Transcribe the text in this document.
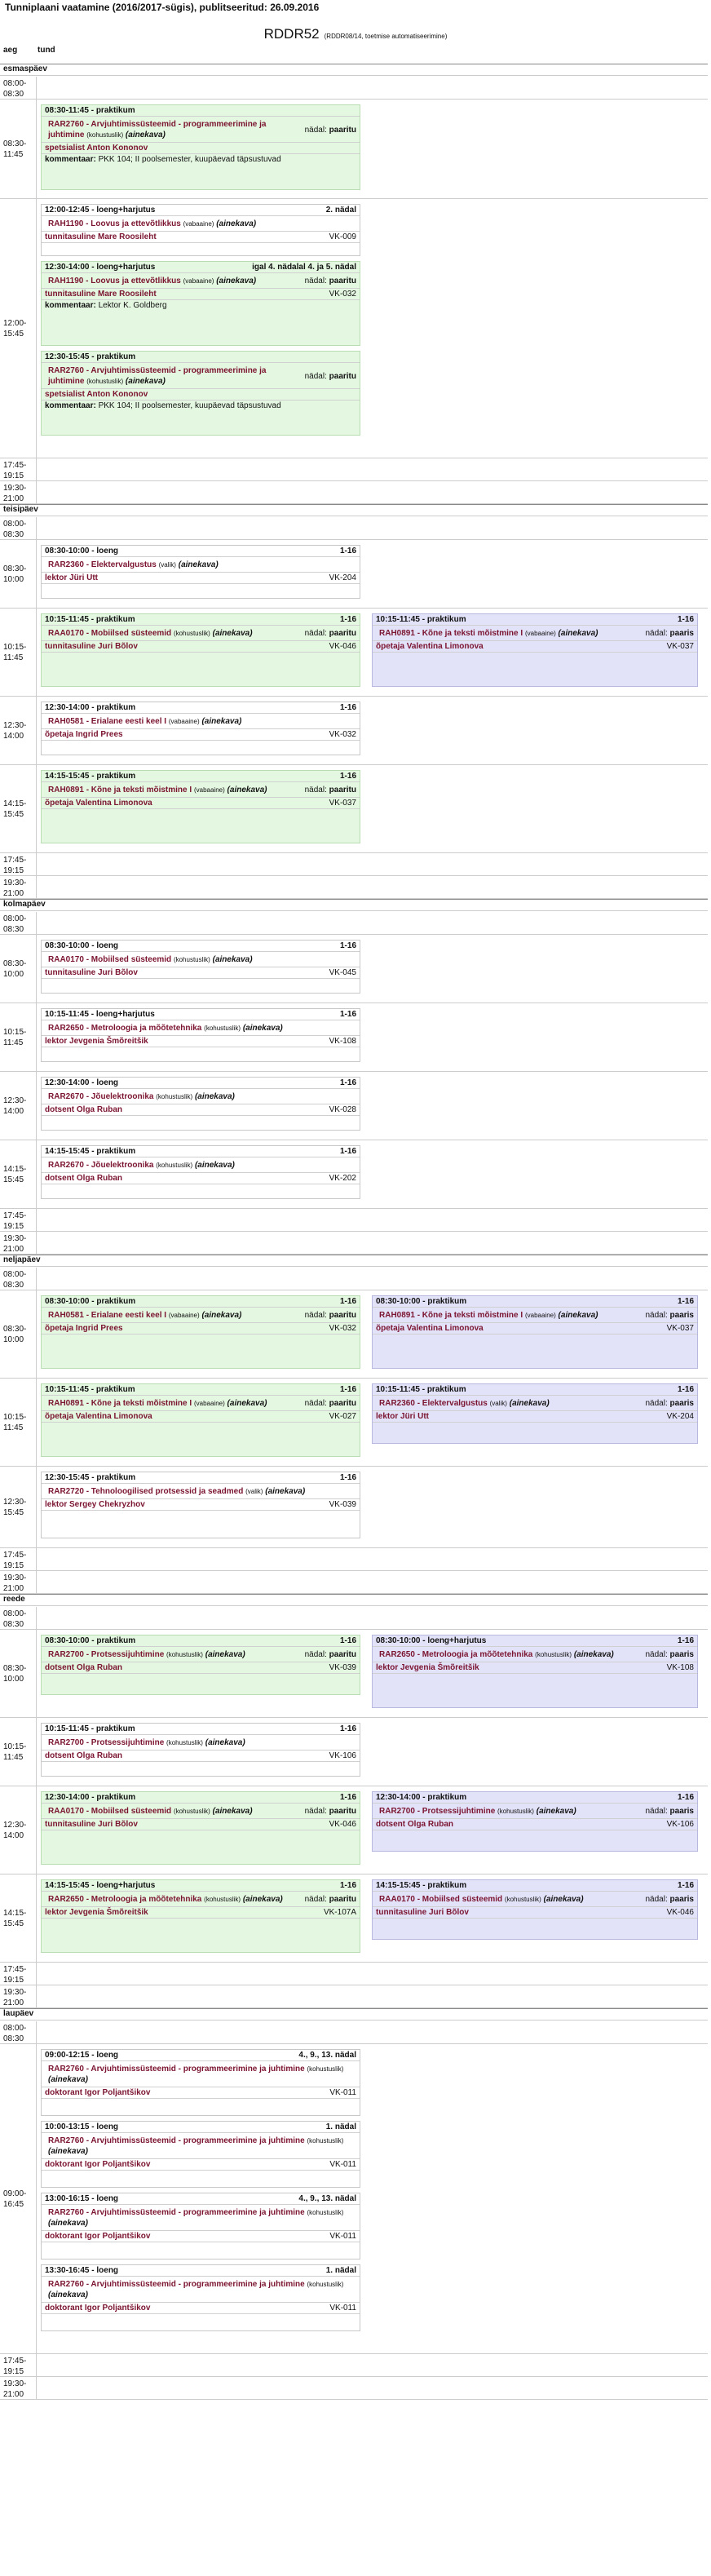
Tunniplaani vaatamine (2016/2017-sügis), publitseeritud: 26.09.2016
RDDR52 (RDDR08/14, toetmise automatiseerimine)
aeg tund
esmaspäev
08:00-
08:30
08:30-
11:45
08:30-11:45 - praktikum
RAR2760 - Arvjuhtimissüsteemid - programmeerimine ja juhtimine (kohustuslik) (ainekava)
nädal: paaritu
spetsialist Anton Kononov
kommentaar: PKK 104; II poolsemester, kuupäevad täpsustuvad
12:00-
15:45
12:00-12:45 - loeng+harjutus	2. nädal
RAH1190 - Loovus ja ettevõtlikkus (vabaaine) (ainekava)
tunnitasuline Mare Roosileht	VK-009
12:30-14:00 - loeng+harjutus	igal 4. nädalal 4. ja 5. nädal
RAH1190 - Loovus ja ettevõtlikkus (vabaaine) (ainekava)	nädal: paaritu
tunnitasuline Mare Roosileht	VK-032
kommentaar: Lektor K. Goldberg
12:30-15:45 - praktikum
RAR2760 - Arvjuhtimissüsteemid - programmeerimine ja juhtimine (kohustuslik) (ainekava)
nädal: paaritu
spetsialist Anton Kononov
kommentaar: PKK 104; II poolsemester, kuupäevad täpsustuvad
17:45-
19:15
19:30-
21:00
teisipäev
08:00-
08:30
08:30-
10:00
08:30-10:00 - loeng	1-16
RAR2360 - Elektervalgustus (valik) (ainekava)
lektor Jüri Utt	VK-204
10:15-
11:45
10:15-11:45 - praktikum	1-16
RAA0170 - Mobiilsed süsteemid (kohustuslik) (ainekava)	nädal: paaritu
tunnitasuline Juri Bõlov	VK-046
10:15-11:45 - praktikum	1-16
RAH0891 - Kõne ja teksti mõistmine I (vabaaine) (ainekava)	nädal: paaris
õpetaja Valentina Limonova	VK-037
12:30-
14:00
12:30-14:00 - praktikum	1-16
RAH0581 - Erialane eesti keel I (vabaaine) (ainekava)
õpetaja Ingrid Prees	VK-032
14:15-
15:45
14:15-15:45 - praktikum	1-16
RAH0891 - Kõne ja teksti mõistmine I (vabaaine) (ainekava)	nädal: paaritu
õpetaja Valentina Limonova	VK-037
17:45-
19:15
19:30-
21:00
kolmapäev
08:00-
08:30
08:30-
10:00
08:30-10:00 - loeng	1-16
RAA0170 - Mobiilsed süsteemid (kohustuslik) (ainekava)
tunnitasuline Juri Bõlov	VK-045
10:15-
11:45
10:15-11:45 - loeng+harjutus	1-16
RAR2650 - Metroloogia ja mõõtetehnika (kohustuslik) (ainekava)
lektor Jevgenia Šmõreitšik	VK-108
12:30-
14:00
12:30-14:00 - loeng	1-16
RAR2670 - Jõuelektroonika (kohustuslik) (ainekava)
dotsent Olga Ruban	VK-028
14:15-
15:45
14:15-15:45 - praktikum	1-16
RAR2670 - Jõuelektroonika (kohustuslik) (ainekava)
dotsent Olga Ruban	VK-202
17:45-
19:15
19:30-
21:00
neljapäev
08:00-
08:30
08:30-
10:00
08:30-10:00 - praktikum	1-16
RAH0581 - Erialane eesti keel I (vabaaine) (ainekava)	nädal: paaritu
õpetaja Ingrid Prees	VK-032
08:30-10:00 - praktikum	1-16
RAH0891 - Kõne ja teksti mõistmine I (vabaaine) (ainekava)	nädal: paaris
õpetaja Valentina Limonova	VK-037
10:15-
11:45
10:15-11:45 - praktikum	1-16
RAH0891 - Kõne ja teksti mõistmine I (vabaaine) (ainekava)	nädal: paaritu
õpetaja Valentina Limonova	VK-027
10:15-11:45 - praktikum	1-16
RAR2360 - Elektervalgustus (valik) (ainekava)	nädal: paaris
lektor Jüri Utt	VK-204
12:30-
15:45
12:30-15:45 - praktikum	1-16
RAR2720 - Tehnoloogilised protsessid ja seadmed (valik) (ainekava)
lektor Sergey Chekryzhov	VK-039
17:45-
19:15
19:30-
21:00
reede
08:00-
08:30
08:30-
10:00
08:30-10:00 - praktikum	1-16
RAR2700 - Protsessijuhtimine (kohustuslik) (ainekava)	nädal: paaritu
dotsent Olga Ruban	VK-039
08:30-10:00 - loeng+harjutus	1-16
RAR2650 - Metroloogia ja mõõtetehnika (kohustuslik) (ainekava)	nädal: paaris
lektor Jevgenia Šmõreitšik	VK-108
10:15-
11:45
10:15-11:45 - praktikum	1-16
RAR2700 - Protsessijuhtimine (kohustuslik) (ainekava)
dotsent Olga Ruban	VK-106
12:30-
14:00
12:30-14:00 - praktikum	1-16
RAA0170 - Mobiilsed süsteemid (kohustuslik) (ainekava)	nädal: paaritu
tunnitasuline Juri Bõlov	VK-046
12:30-14:00 - praktikum	1-16
RAR2700 - Protsessijuhtimine (kohustuslik) (ainekava)	nädal: paaris
dotsent Olga Ruban	VK-106
14:15-
15:45
14:15-15:45 - loeng+harjutus	1-16
RAR2650 - Metroloogia ja mõõtetehnika (kohustuslik) (ainekava)	nädal: paaritu
lektor Jevgenia Šmõreitšik	VK-107A
14:15-15:45 - praktikum	1-16
RAA0170 - Mobiilsed süsteemid (kohustuslik) (ainekava)	nädal: paaris
tunnitasuline Juri Bõlov	VK-046
17:45-
19:15
19:30-
21:00
laupäev
08:00-
08:30
09:00-
16:45
09:00-12:15 - loeng	4., 9., 13. nädal
RAR2760 - Arvjuhtimissüsteemid - programmeerimine ja juhtimine (kohustuslik) (ainekava)
doktorant Igor Poljantšikov	VK-011
10:00-13:15 - loeng	1. nädal
RAR2760 - Arvjuhtimissüsteemid - programmeerimine ja juhtimine (kohustuslik) (ainekava)
doktorant Igor Poljantšikov	VK-011
13:00-16:15 - loeng	4., 9., 13. nädal
RAR2760 - Arvjuhtimissüsteemid - programmeerimine ja juhtimine (kohustuslik) (ainekava)
doktorant Igor Poljantšikov	VK-011
13:30-16:45 - loeng	1. nädal
RAR2760 - Arvjuhtimissüsteemid - programmeerimine ja juhtimine (kohustuslik) (ainekava)
doktorant Igor Poljantšikov	VK-011
17:45-
19:15
19:30-
21:00
